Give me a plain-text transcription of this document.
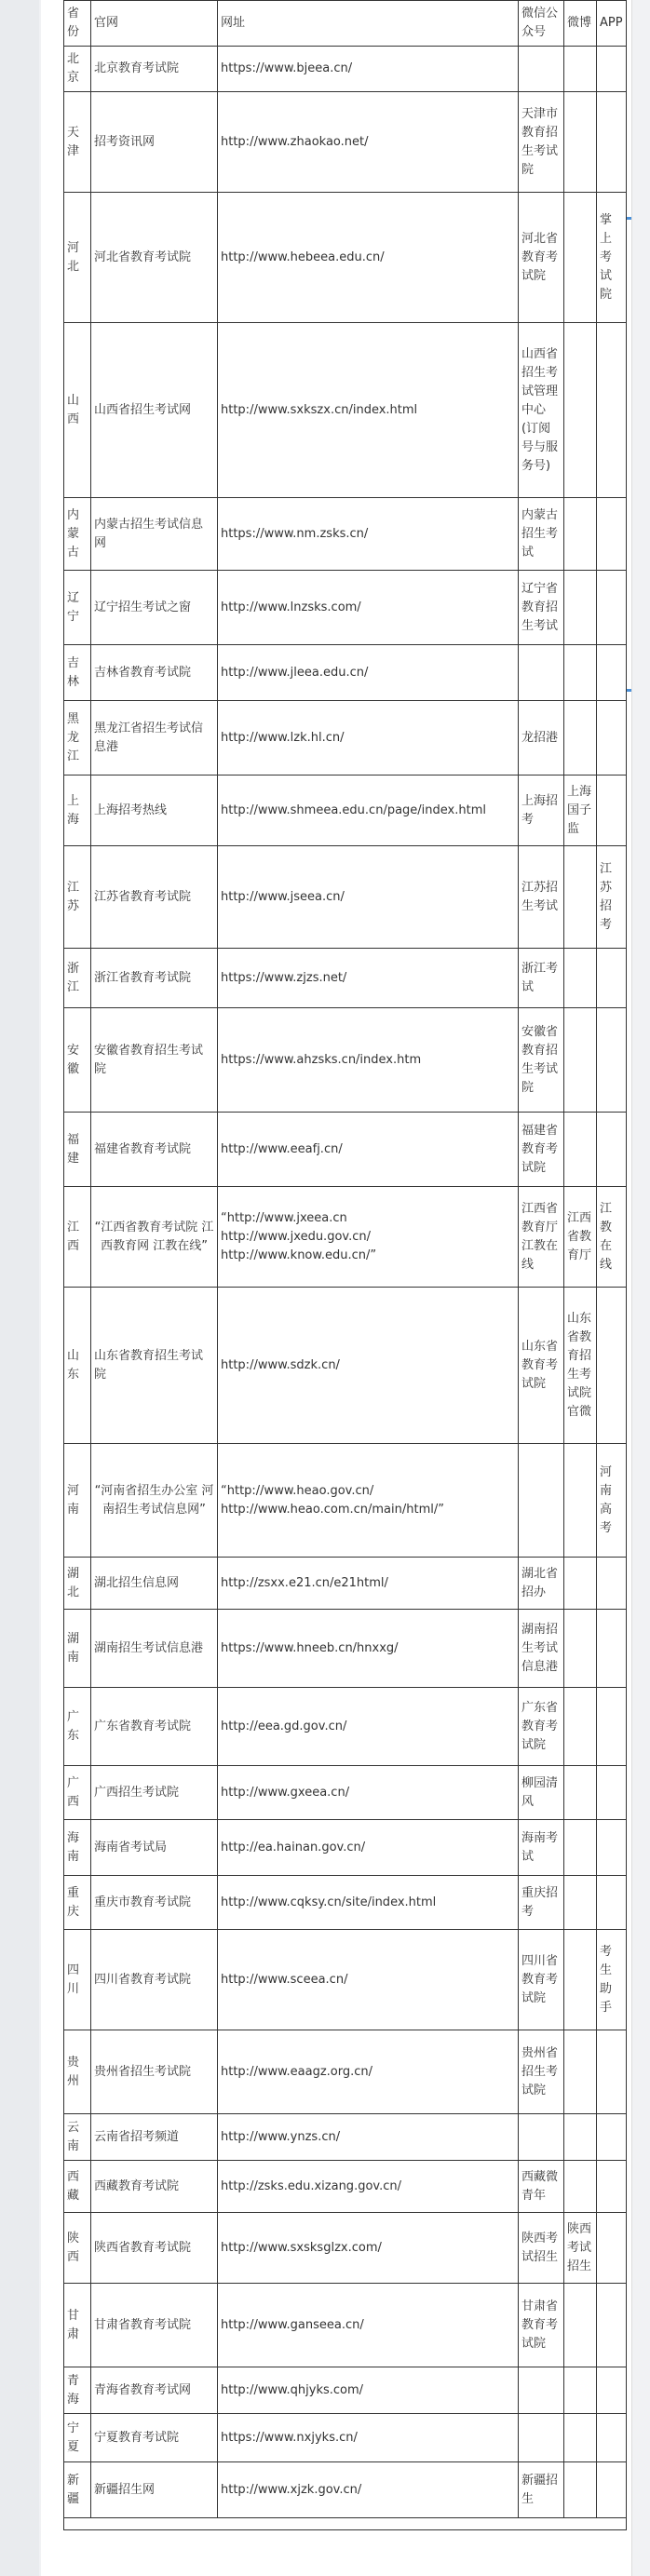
省份	官网	网址	微信公众号	微博	APP
北京	北京教育考试院	https://www.bjeea.cn/			
天津	招考资讯网	http://www.zhaokao.net/	天津市教育招生考试院		
河北	河北省教育考试院	http://www.hebeea.edu.cn/	河北省教育考试院		掌上考试院
山西	山西省招生考试网	http://www.sxkszx.cn/index.html	山西省招生考试管理中心(订阅号与服务号)		
内蒙古	内蒙古招生考试信息网	https://www.nm.zsks.cn/	内蒙古招生考试		
辽宁	辽宁招生考试之窗	http://www.lnzsks.com/	辽宁省教育招生考试		
吉林	吉林省教育考试院	http://www.jleea.edu.cn/			
黑龙江	黑龙江省招生考试信息港	http://www.lzk.hl.cn/	龙招港		
上海	上海招考热线	http://www.shmeea.edu.cn/page/index.html	上海招考	上海国子监	
江苏	江苏省教育考试院	http://www.jseea.cn/	江苏招生考试		江苏招考
浙江	浙江省教育考试院	https://www.zjzs.net/	浙江考试		
安徽	安徽省教育招生考试院	https://www.ahzsks.cn/index.htm	安徽省教育招生考试院		
福建	福建省教育考试院	http://www.eeafj.cn/	福建省教育考试院		
江西	“江西省教育考试院 江西教育网 江教在线”	“http://www.jxeea.cn
http://www.jxedu.gov.cn/
http://www.know.edu.cn/”	江西省教育厅江教在线	江西省教育厅	江教在线
山东	山东省教育招生考试院	http://www.sdzk.cn/	山东省教育考试院	山东省教育招生考试院官微	
河南	“河南省招生办公室 河南招生考试信息网”	“http://www.heao.gov.cn/
http://www.heao.com.cn/main/html/”			河南高考
湖北	湖北招生信息网	http://zsxx.e21.cn/e21html/	湖北省招办		
湖南	湖南招生考试信息港	https://www.hneeb.cn/hnxxg/	湖南招生考试信息港		
广东	广东省教育考试院	http://eea.gd.gov.cn/	广东省教育考试院		
广西	广西招生考试院	http://www.gxeea.cn/	柳园清风		
海南	海南省考试局	http://ea.hainan.gov.cn/	海南考试		
重庆	重庆市教育考试院	http://www.cqksy.cn/site/index.html	重庆招考		
四川	四川省教育考试院	http://www.sceea.cn/	四川省教育考试院		考生助手
贵州	贵州省招生考试院	http://www.eaagz.org.cn/	贵州省招生考试院		
云南	云南省招考频道	http://www.ynzs.cn/			
西藏	西藏教育考试院	http://zsks.edu.xizang.gov.cn/	西藏微青年		
陕西	陕西省教育考试院	http://www.sxsksglzx.com/	陕西考试招生	陕西考试招生	
甘肃	甘肃省教育考试院	http://www.ganseea.cn/	甘肃省教育考试院		
青海	青海省教育考试网	http://www.qhjyks.com/			
宁夏	宁夏教育考试院	https://www.nxjyks.cn/			
新疆	新疆招生网	http://www.xjzk.gov.cn/	新疆招生		
